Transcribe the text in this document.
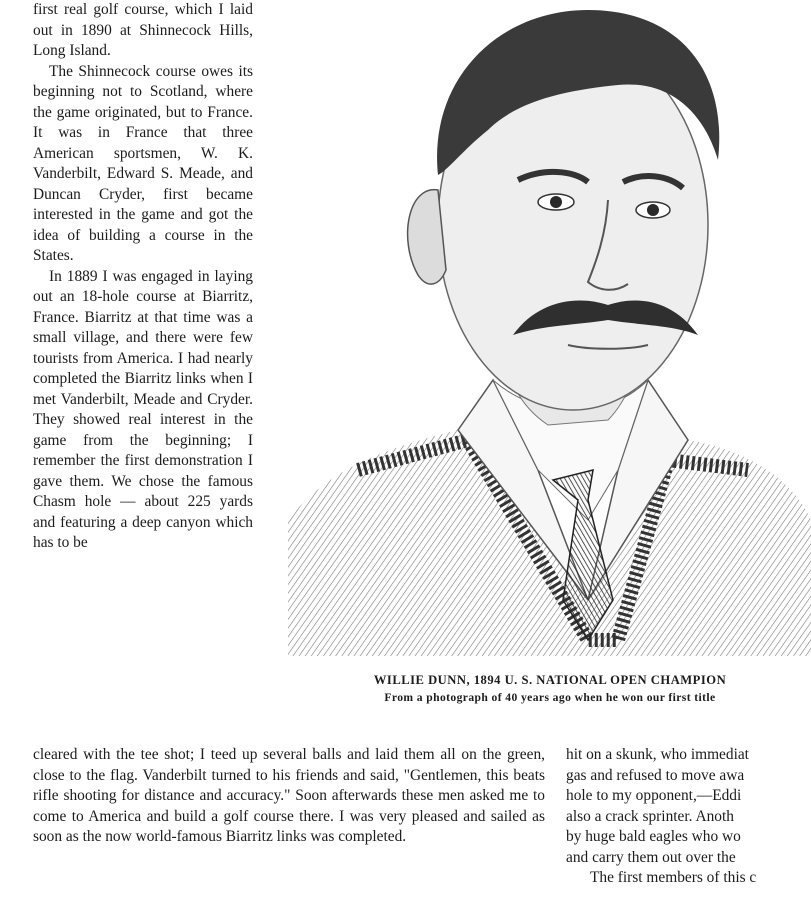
first real golf course, which I laid out in 1890 at Shinnecock Hills, Long Island.

The Shinnecock course owes its beginning not to Scotland, where the game originated, but to France. It was in France that three American sportsmen, W. K. Vanderbilt, Edward S. Meade, and Duncan Cryder, first became interested in the game and got the idea of building a course in the States.

In 1889 I was engaged in laying out an 18-hole course at Biarritz, France. Biarritz at that time was a small village, and there were few tourists from America. I had nearly completed the Biarritz links when I met Vanderbilt, Meade and Cryder. They showed real interest in the game from the beginning; I remember the first demonstration I gave them. We chose the famous Chasm hole — about 225 yards and featuring a deep canyon which has to be

WILLIE DUNN, 1894 U. S. NATIONAL OPEN CHAMPION
From a photograph of 40 years ago when he won our first title

cleared with the tee shot; I teed up several balls and laid them all on the green, close to the flag. Vanderbilt turned to his friends and said, "Gentlemen, this beats rifle shooting for distance and accuracy." Soon afterwards these men asked me to come to America and build a golf course there. I was very pleased and sailed as soon as the now world-famous Biarritz links was completed.

hit on a skunk, who immediat

gas and refused to move awa

hole to my opponent,—Eddi

also a crack sprinter. Anoth

by huge bald eagles who wo

and carry them out over the

The first members of this c
